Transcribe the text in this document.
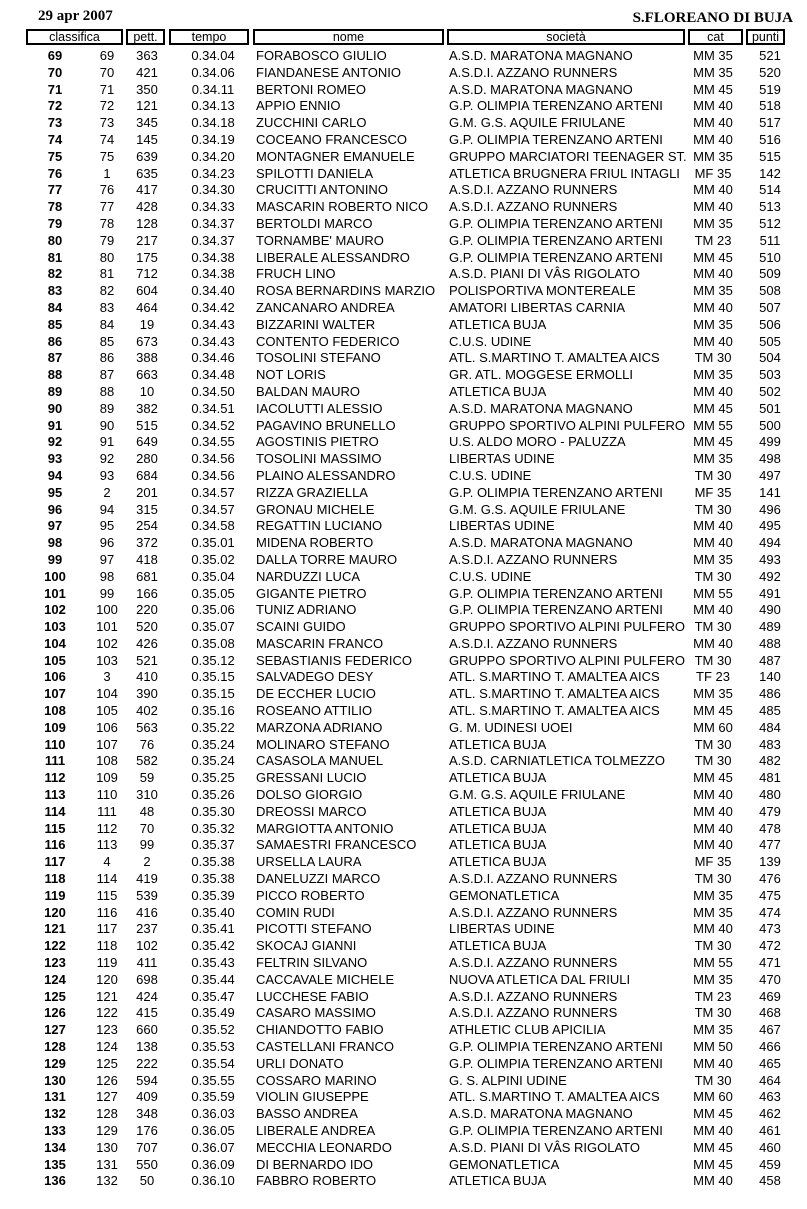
29 apr 2007	S.FLOREANO DI BUJA
classifica	pett.	tempo	nome	società	cat	punti
69	69	363	0.34.04	FORABOSCO GIULIO	A.S.D. MARATONA MAGNANO	MM 35	521
70	70	421	0.34.06	FIANDANESE ANTONIO	A.S.D.I. AZZANO RUNNERS	MM 35	520
71	71	350	0.34.11	BERTONI ROMEO	A.S.D. MARATONA MAGNANO	MM 45	519
72	72	121	0.34.13	APPIO ENNIO	G.P. OLIMPIA TERENZANO ARTENI	MM 40	518
73	73	345	0.34.18	ZUCCHINI CARLO	G.M. G.S. AQUILE FRIULANE	MM 40	517
74	74	145	0.34.19	COCEANO FRANCESCO	G.P. OLIMPIA TERENZANO ARTENI	MM 40	516
75	75	639	0.34.20	MONTAGNER EMANUELE	GRUPPO MARCIATORI TEENAGER ST. MM 35	515
76	1	635	0.34.23	SPILOTTI DANIELA	ATLETICA BRUGNERA FRIUL INTAGLI	MF 35	142
77	76	417	0.34.30	CRUCITTI ANTONINO	A.S.D.I. AZZANO RUNNERS	MM 40	514
78	77	428	0.34.33	MASCARIN ROBERTO NICO	A.S.D.I. AZZANO RUNNERS	MM 40	513
79	78	128	0.34.37	BERTOLDI MARCO	G.P. OLIMPIA TERENZANO ARTENI	MM 35	512
80	79	217	0.34.37	TORNAMBE' MAURO	G.P. OLIMPIA TERENZANO ARTENI	TM 23	511
81	80	175	0.34.38	LIBERALE ALESSANDRO	G.P. OLIMPIA TERENZANO ARTENI	MM 45	510
82	81	712	0.34.38	FRUCH LINO	A.S.D. PIANI DI VÂS RIGOLATO	MM 40	509
83	82	604	0.34.40	ROSA BERNARDINS MARZIO	POLISPORTIVA MONTEREALE	MM 35	508
84	83	464	0.34.42	ZANCANARO ANDREA	AMATORI LIBERTAS CARNIA	MM 40	507
85	84	19	0.34.43	BIZZARINI WALTER	ATLETICA BUJA	MM 35	506
86	85	673	0.34.43	CONTENTO FEDERICO	C.U.S. UDINE	MM 40	505
87	86	388	0.34.46	TOSOLINI STEFANO	ATL. S.MARTINO T. AMALTEA AICS	TM 30	504
88	87	663	0.34.48	NOT LORIS	GR. ATL. MOGGESE ERMOLLI	MM 35	503
89	88	10	0.34.50	BALDAN MAURO	ATLETICA BUJA	MM 40	502
90	89	382	0.34.51	IACOLUTTI ALESSIO	A.S.D. MARATONA MAGNANO	MM 45	501
91	90	515	0.34.52	PAGAVINO BRUNELLO	GRUPPO SPORTIVO ALPINI PULFERO MM 55	500
92	91	649	0.34.55	AGOSTINIS PIETRO	U.S. ALDO MORO - PALUZZA	MM 45	499
93	92	280	0.34.56	TOSOLINI MASSIMO	LIBERTAS UDINE	MM 35	498
94	93	684	0.34.56	PLAINO ALESSANDRO	C.U.S. UDINE	TM 30	497
95	2	201	0.34.57	RIZZA GRAZIELLA	G.P. OLIMPIA TERENZANO ARTENI	MF 35	141
96	94	315	0.34.57	GRONAU MICHELE	G.M. G.S. AQUILE FRIULANE	TM 30	496
97	95	254	0.34.58	REGATTIN LUCIANO	LIBERTAS UDINE	MM 40	495
98	96	372	0.35.01	MIDENA ROBERTO	A.S.D. MARATONA MAGNANO	MM 40	494
99	97	418	0.35.02	DALLA TORRE MAURO	A.S.D.I. AZZANO RUNNERS	MM 35	493
100	98	681	0.35.04	NARDUZZI LUCA	C.U.S. UDINE	TM 30	492
101	99	166	0.35.05	GIGANTE PIETRO	G.P. OLIMPIA TERENZANO ARTENI	MM 55	491
102	100	220	0.35.06	TUNIZ ADRIANO	G.P. OLIMPIA TERENZANO ARTENI	MM 40	490
103	101	520	0.35.07	SCAINI GUIDO	GRUPPO SPORTIVO ALPINI PULFERO TM 30	489
104	102	426	0.35.08	MASCARIN FRANCO	A.S.D.I. AZZANO RUNNERS	MM 40	488
105	103	521	0.35.12	SEBASTIANIS FEDERICO	GRUPPO SPORTIVO ALPINI PULFERO TM 30	487
106	3	410	0.35.15	SALVADEGO DESY	ATL. S.MARTINO T. AMALTEA AICS	TF 23	140
107	104	390	0.35.15	DE ECCHER LUCIO	ATL. S.MARTINO T. AMALTEA AICS	MM 35	486
108	105	402	0.35.16	ROSEANO ATTILIO	ATL. S.MARTINO T. AMALTEA AICS	MM 45	485
109	106	563	0.35.22	MARZONA ADRIANO	G. M. UDINESI UOEI	MM 60	484
110	107	76	0.35.24	MOLINARO STEFANO	ATLETICA BUJA	TM 30	483
111	108	582	0.35.24	CASASOLA MANUEL	A.S.D. CARNIATLETICA TOLMEZZO	TM 30	482
112	109	59	0.35.25	GRESSANI LUCIO	ATLETICA BUJA	MM 45	481
113	110	310	0.35.26	DOLSO GIORGIO	G.M. G.S. AQUILE FRIULANE	MM 40	480
114	111	48	0.35.30	DREOSSI MARCO	ATLETICA BUJA	MM 40	479
115	112	70	0.35.32	MARGIOTTA ANTONIO	ATLETICA BUJA	MM 40	478
116	113	99	0.35.37	SAMAESTRI FRANCESCO	ATLETICA BUJA	MM 40	477
117	4	2	0.35.38	URSELLA LAURA	ATLETICA BUJA	MF 35	139
118	114	419	0.35.38	DANELUZZI MARCO	A.S.D.I. AZZANO RUNNERS	TM 30	476
119	115	539	0.35.39	PICCO ROBERTO	GEMONATLETICA	MM 35	475
120	116	416	0.35.40	COMIN RUDI	A.S.D.I. AZZANO RUNNERS	MM 35	474
121	117	237	0.35.41	PICOTTI STEFANO	LIBERTAS UDINE	MM 40	473
122	118	102	0.35.42	SKOCAJ GIANNI	ATLETICA BUJA	TM 30	472
123	119	411	0.35.43	FELTRIN SILVANO	A.S.D.I. AZZANO RUNNERS	MM 55	471
124	120	698	0.35.44	CACCAVALE MICHELE	NUOVA ATLETICA DAL FRIULI	MM 35	470
125	121	424	0.35.47	LUCCHESE FABIO	A.S.D.I. AZZANO RUNNERS	TM 23	469
126	122	415	0.35.49	CASARO MASSIMO	A.S.D.I. AZZANO RUNNERS	TM 30	468
127	123	660	0.35.52	CHIANDOTTO FABIO	ATHLETIC CLUB APICILIA	MM 35	467
128	124	138	0.35.53	CASTELLANI FRANCO	G.P. OLIMPIA TERENZANO ARTENI	MM 50	466
129	125	222	0.35.54	URLI DONATO	G.P. OLIMPIA TERENZANO ARTENI	MM 40	465
130	126	594	0.35.55	COSSARO MARINO	G. S. ALPINI UDINE	TM 30	464
131	127	409	0.35.59	VIOLIN GIUSEPPE	ATL. S.MARTINO T. AMALTEA AICS	MM 60	463
132	128	348	0.36.03	BASSO ANDREA	A.S.D. MARATONA MAGNANO	MM 45	462
133	129	176	0.36.05	LIBERALE ANDREA	G.P. OLIMPIA TERENZANO ARTENI	MM 40	461
134	130	707	0.36.07	MECCHIA LEONARDO	A.S.D. PIANI DI VÂS RIGOLATO	MM 45	460
135	131	550	0.36.09	DI BERNARDO IDO	GEMONATLETICA	MM 45	459
136	132	50	0.36.10	FABBRO ROBERTO	ATLETICA BUJA	MM 40	458
